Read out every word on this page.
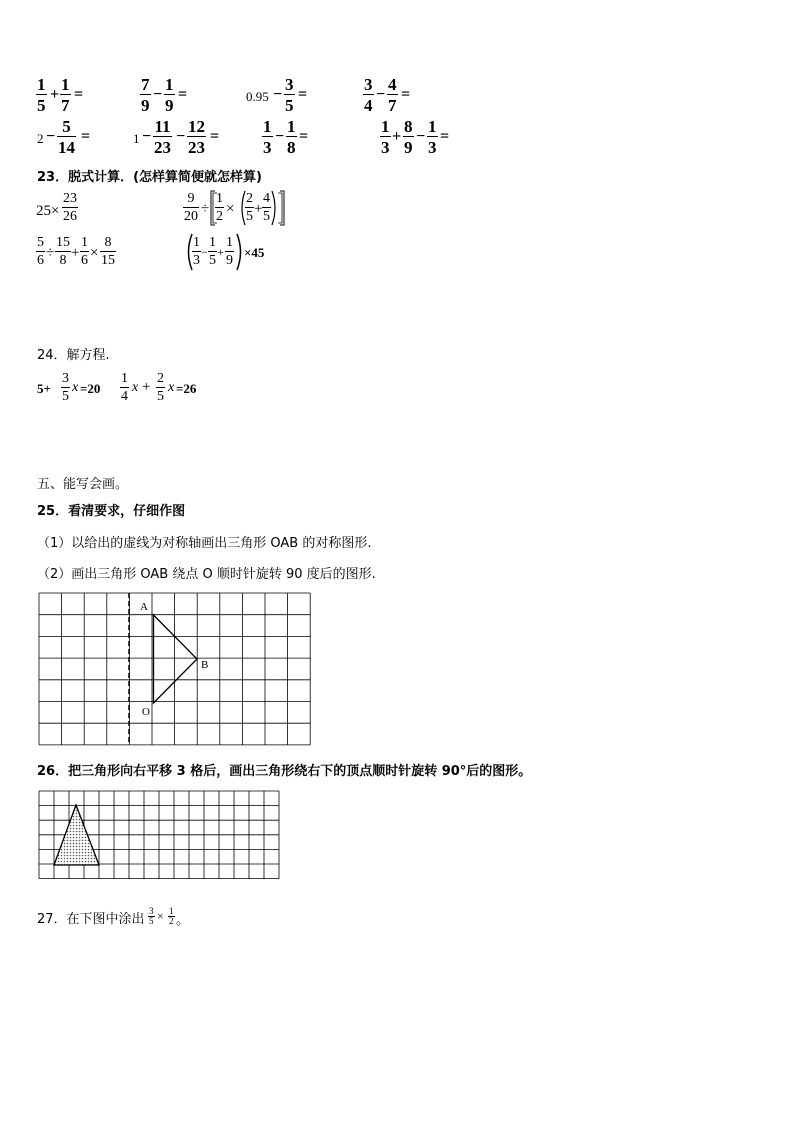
1
5
+
1
7
=
7
9
−
1
9
=	0.95 −
3
5
=
3
4
−
4
7
=
2 −
5
14
=	1 −
11
23
−
12
23
=
1
3
−
1
8
=
1
3
+
8
9
−
1
3
=
23．脱式计算．(怎样算简便就怎样算)
25×
23
26
9
20 ÷
1
2 ×
2
5 +
4
5
5
6 ÷
15
8 +
1
6 ×
8
15
1
3
−
1
5
+
1
9
×45
24．解方程.
5+
3
5
x =20
1
4
x +
2
5
x =26
五、能写会画。
25．看清要求，仔细作图
（1）以给出的虚线为对称轴画出三角形 OAB 的对称图形.
（2）画出三角形 OAB 绕点 O 顺时针旋转 90 度后的图形.
A
B
O
26．把三角形向右平移 3 格后，画出三角形绕右下的顶点顺时针旋转 90°后的图形。
27．在下图中涂出
3
5 × 1
2 。
